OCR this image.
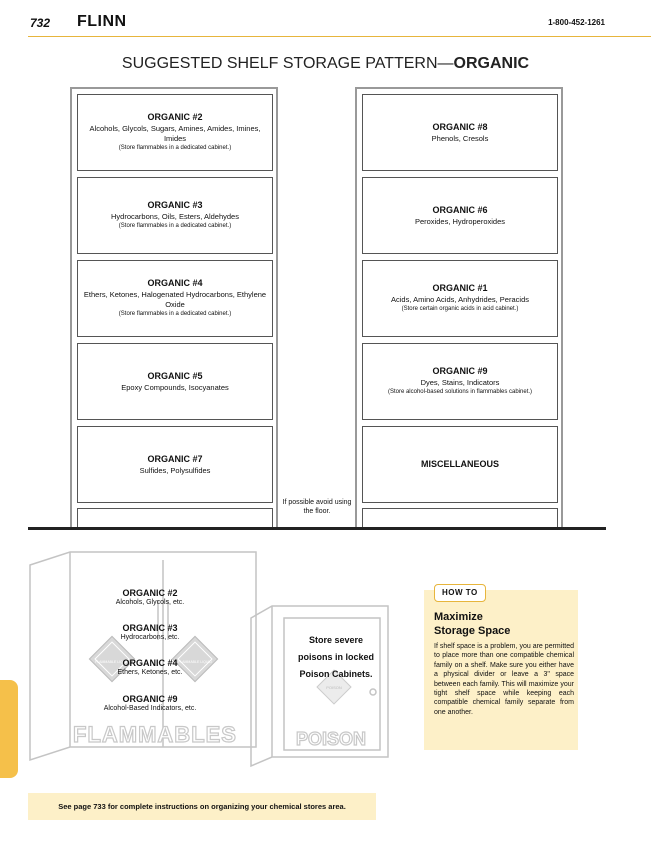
732 FLINN	1-800-452-1261
SUGGESTED SHELF STORAGE PATTERN—ORGANIC
ORGANIC #2
Alcohols, Glycols, Sugars, Amines, Amides, Imines, Imides
(Store flammables in a dedicated cabinet.)
ORGANIC #3
Hydrocarbons, Oils, Esters, Aldehydes
(Store flammables in a dedicated cabinet.)
ORGANIC #4
Ethers, Ketones, Halogenated Hydrocarbons, Ethylene Oxide
(Store flammables in a dedicated cabinet.)
ORGANIC #5
Epoxy Compounds, Isocyanates
ORGANIC #7
Sulfides, Polysulfides
ORGANIC #8
Phenols, Cresols
ORGANIC #6
Peroxides, Hydroperoxides
ORGANIC #1
Acids, Amino Acids, Anhydrides, Peracids
(Store certain organic acids in acid cabinet.)
ORGANIC #9
Dyes, Stains, Indicators
(Store alcohol-based solutions in flammables cabinet.)
MISCELLANEOUS
If possible avoid using the floor.
FLAMMABLES	POISON
FLAMMABLE LIQUID	FLAMMABLE LIQUID
POISON
ORGANIC #2
Alcohols, Glycols, etc.
ORGANIC #3
Hydrocarbons, etc.
ORGANIC #4
Ethers, Ketones, etc.
ORGANIC #9
Alcohol-Based Indicators, etc.
Store severe poisons in locked Poison Cabinets.
HOW TO
Maximize
Storage Space
If shelf space is a problem, you are permitted to place more than one compatible chemical family on a shelf. Make sure you either have a physical divider or leave a 3" space between each family. This will maximize your tight shelf space while keeping each compatible chemical family separate from one another.
See page 733 for complete instructions on organizing your chemical stores area.
